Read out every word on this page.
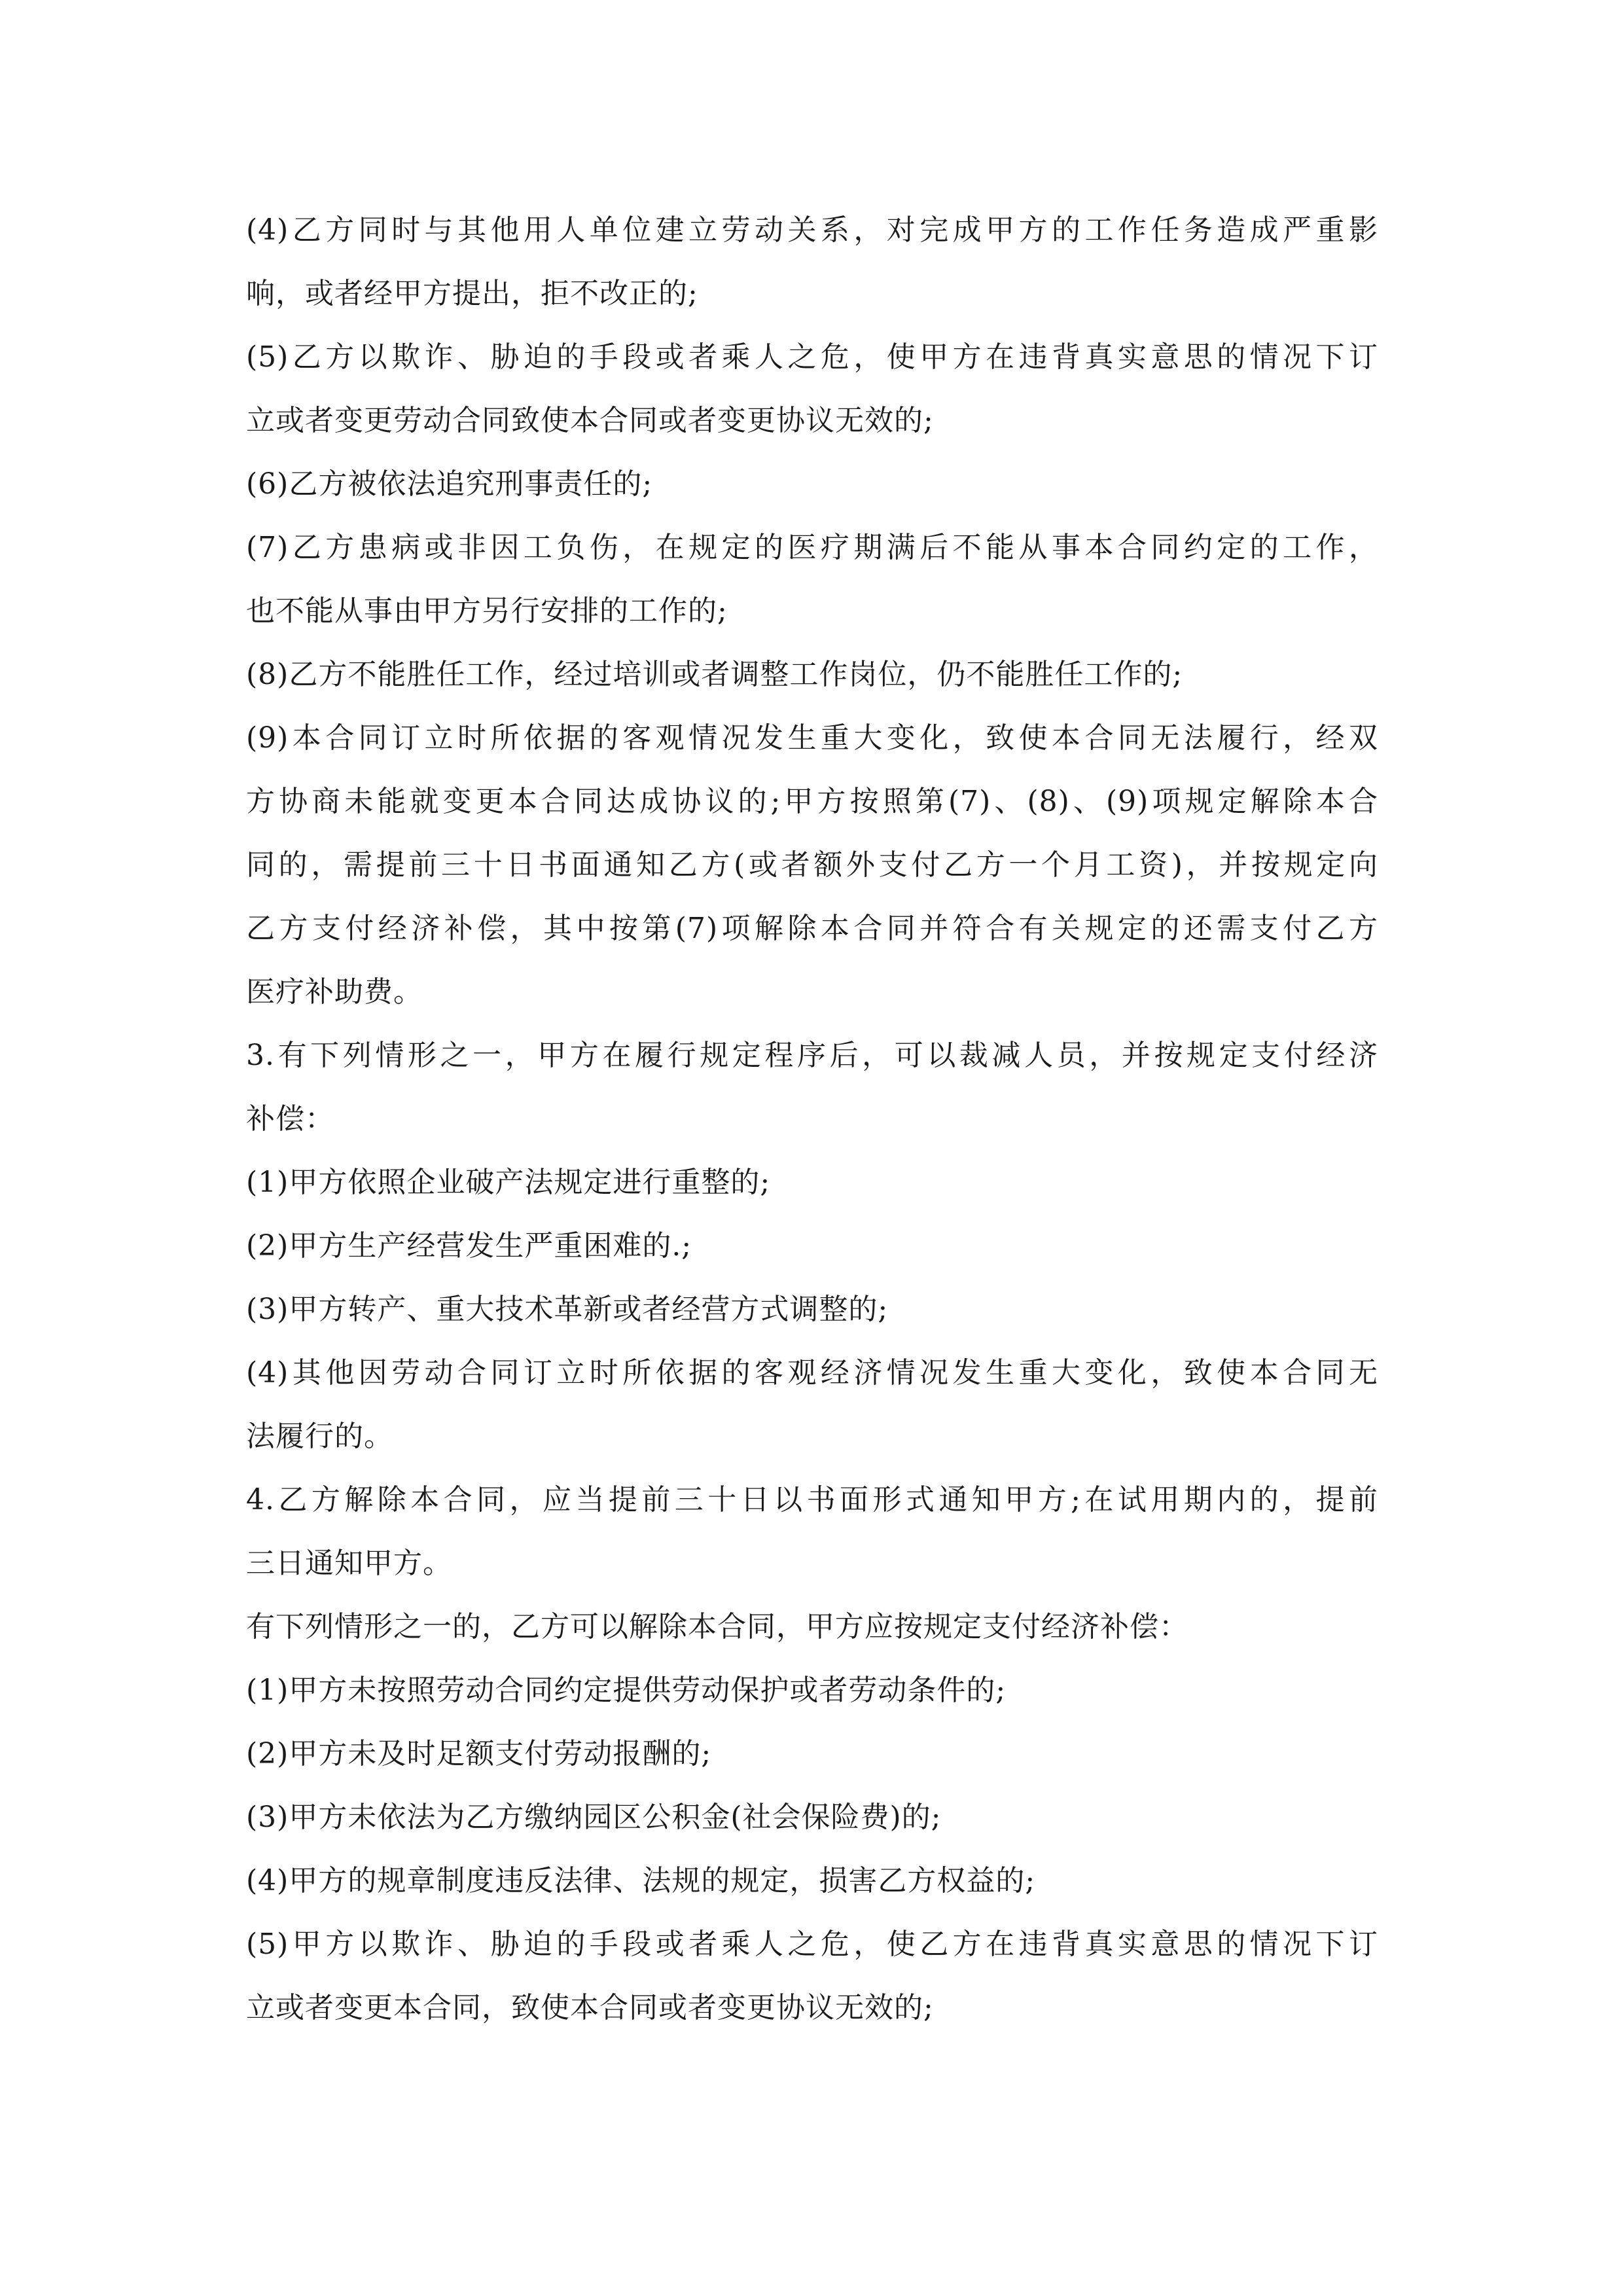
(4)乙方同时与其他用人单位建立劳动关系，对完成甲方的工作任务造成严重影
响，或者经甲方提出，拒不改正的;

(5)乙方以欺诈、胁迫的手段或者乘人之危，使甲方在违背真实意思的情况下订
立或者变更劳动合同致使本合同或者变更协议无效的;

(6)乙方被依法追究刑事责任的;

(7)乙方患病或非因工负伤，在规定的医疗期满后不能从事本合同约定的工作，
也不能从事由甲方另行安排的工作的;

(8)乙方不能胜任工作，经过培训或者调整工作岗位，仍不能胜任工作的;

(9)本合同订立时所依据的客观情况发生重大变化，致使本合同无法履行，经双
方协商未能就变更本合同达成协议的;甲方按照第(7)、(8)、(9)项规定解除本合
同的，需提前三十日书面通知乙方(或者额外支付乙方一个月工资)，并按规定向
乙方支付经济补偿，其中按第(7)项解除本合同并符合有关规定的还需支付乙方
医疗补助费。

3.有下列情形之一，甲方在履行规定程序后，可以裁减人员，并按规定支付经济
补偿：

(1)甲方依照企业破产法规定进行重整的;

(2)甲方生产经营发生严重困难的.;

(3)甲方转产、重大技术革新或者经营方式调整的;

(4)其他因劳动合同订立时所依据的客观经济情况发生重大变化，致使本合同无
法履行的。

4.乙方解除本合同，应当提前三十日以书面形式通知甲方;在试用期内的，提前
三日通知甲方。

有下列情形之一的，乙方可以解除本合同，甲方应按规定支付经济补偿：

(1)甲方未按照劳动合同约定提供劳动保护或者劳动条件的;

(2)甲方未及时足额支付劳动报酬的;

(3)甲方未依法为乙方缴纳园区公积金(社会保险费)的;

(4)甲方的规章制度违反法律、法规的规定，损害乙方权益的;

(5)甲方以欺诈、胁迫的手段或者乘人之危，使乙方在违背真实意思的情况下订
立或者变更本合同，致使本合同或者变更协议无效的;
